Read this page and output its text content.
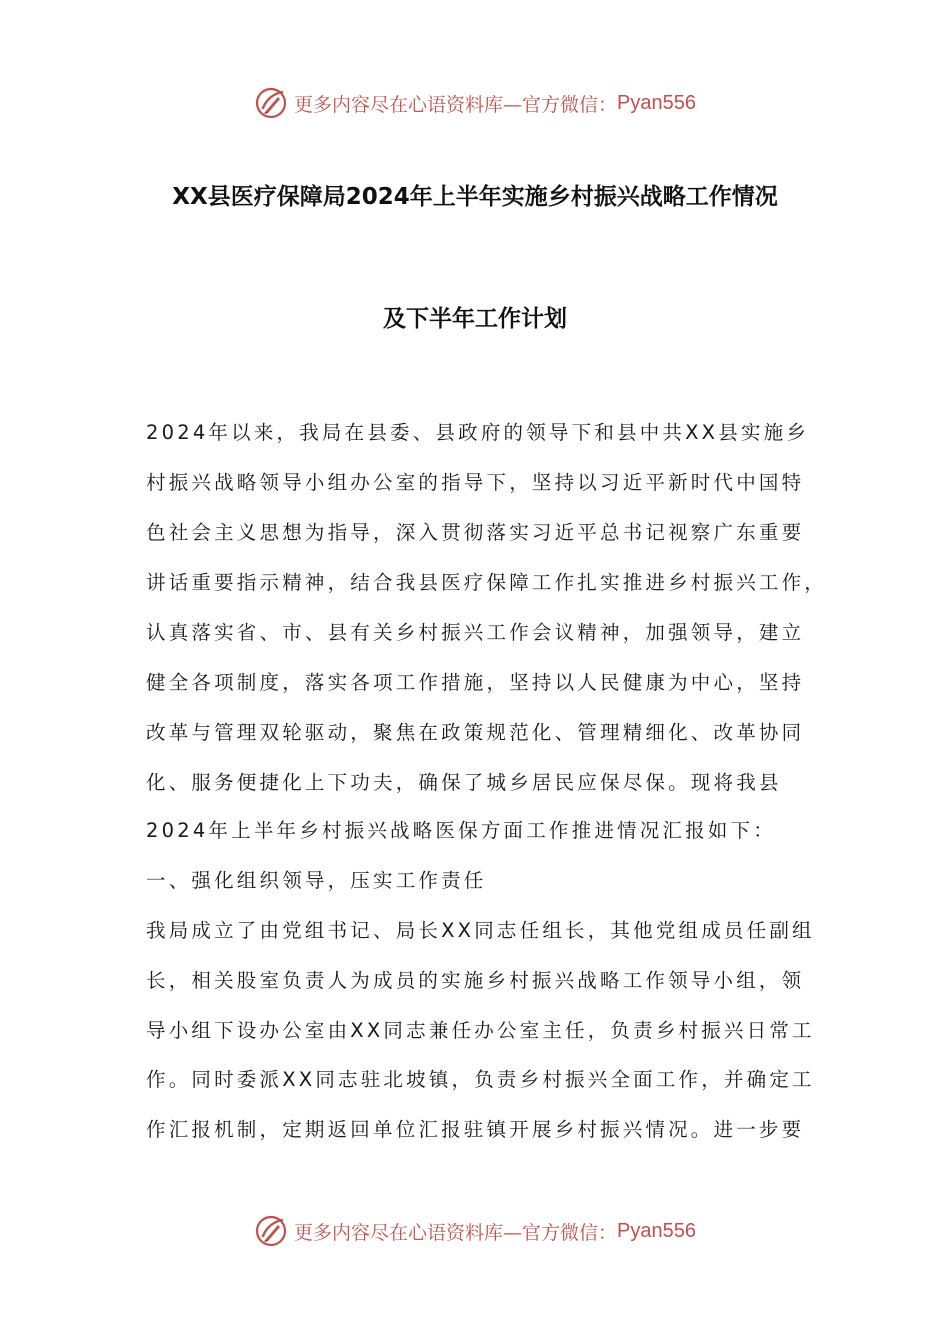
更多内容尽在心语资料库—官方微信： Pyan556
XX县医疗保障局2024年上半年实施乡村振兴战略工作情况
及下半年工作计划
2024年以来，我局在县委、县政府的领导下和县中共XX县实施乡
村振兴战略领导小组办公室的指导下，坚持以习近平新时代中国特
色社会主义思想为指导，深入贯彻落实习近平总书记视察广东重要
讲话重要指示精神，结合我县医疗保障工作扎实推进乡村振兴工作，
认真落实省、市、县有关乡村振兴工作会议精神，加强领导，建立
健全各项制度，落实各项工作措施，坚持以人民健康为中心，坚持
改革与管理双轮驱动，聚焦在政策规范化、管理精细化、改革协同
化、服务便捷化上下功夫，确保了城乡居民应保尽保。现将我县
2024年上半年乡村振兴战略医保方面工作推进情况汇报如下：
一、强化组织领导，压实工作责任
我局成立了由党组书记、局长XX同志任组长，其他党组成员任副组
长，相关股室负责人为成员的实施乡村振兴战略工作领导小组，领
导小组下设办公室由XX同志兼任办公室主任，负责乡村振兴日常工
作。同时委派XX同志驻北坡镇，负责乡村振兴全面工作，并确定工
作汇报机制，定期返回单位汇报驻镇开展乡村振兴情况。进一步要
更多内容尽在心语资料库—官方微信： Pyan556
